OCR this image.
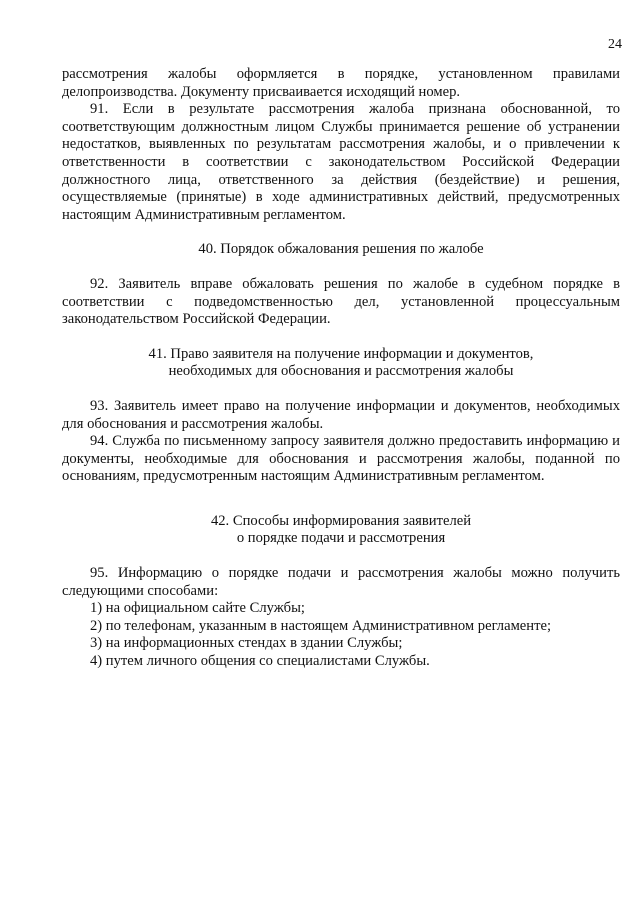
24

рассмотрения жалобы оформляется в порядке, установленном правилами делопроизводства. Документу присваивается исходящий номер.

91. Если в результате рассмотрения жалоба признана обоснованной, то соответствующим должностным лицом Службы принимается решение об устранении недостатков, выявленных по результатам рассмотрения жалобы, и о привлечении к ответственности в соответствии с законодательством Российской Федерации должностного лица, ответственного за действия (бездействие) и решения, осуществляемые (принятые) в ходе административных действий, предусмотренных настоящим Административным регламентом.

40. Порядок обжалования решения по жалобе

92. Заявитель вправе обжаловать решения по жалобе в судебном порядке в соответствии с подведомственностью дел, установленной процессуальным законодательством Российской Федерации.

41. Право заявителя на получение информации и документов,

необходимых для обоснования и рассмотрения жалобы

93. Заявитель имеет право на получение информации и документов, необходимых для обоснования и рассмотрения жалобы.

94. Служба по письменному запросу заявителя должно предоставить информацию и документы, необходимые для обоснования и рассмотрения жалобы, поданной по основаниям, предусмотренным настоящим Административным регламентом.

42. Способы информирования заявителей

о порядке подачи и рассмотрения

95. Информацию о порядке подачи и рассмотрения жалобы можно получить следующими способами:

1) на официальном сайте Службы;

2) по телефонам, указанным в настоящем Административном регламенте;

3) на информационных стендах в здании Службы;

4) путем личного общения со специалистами Службы.
